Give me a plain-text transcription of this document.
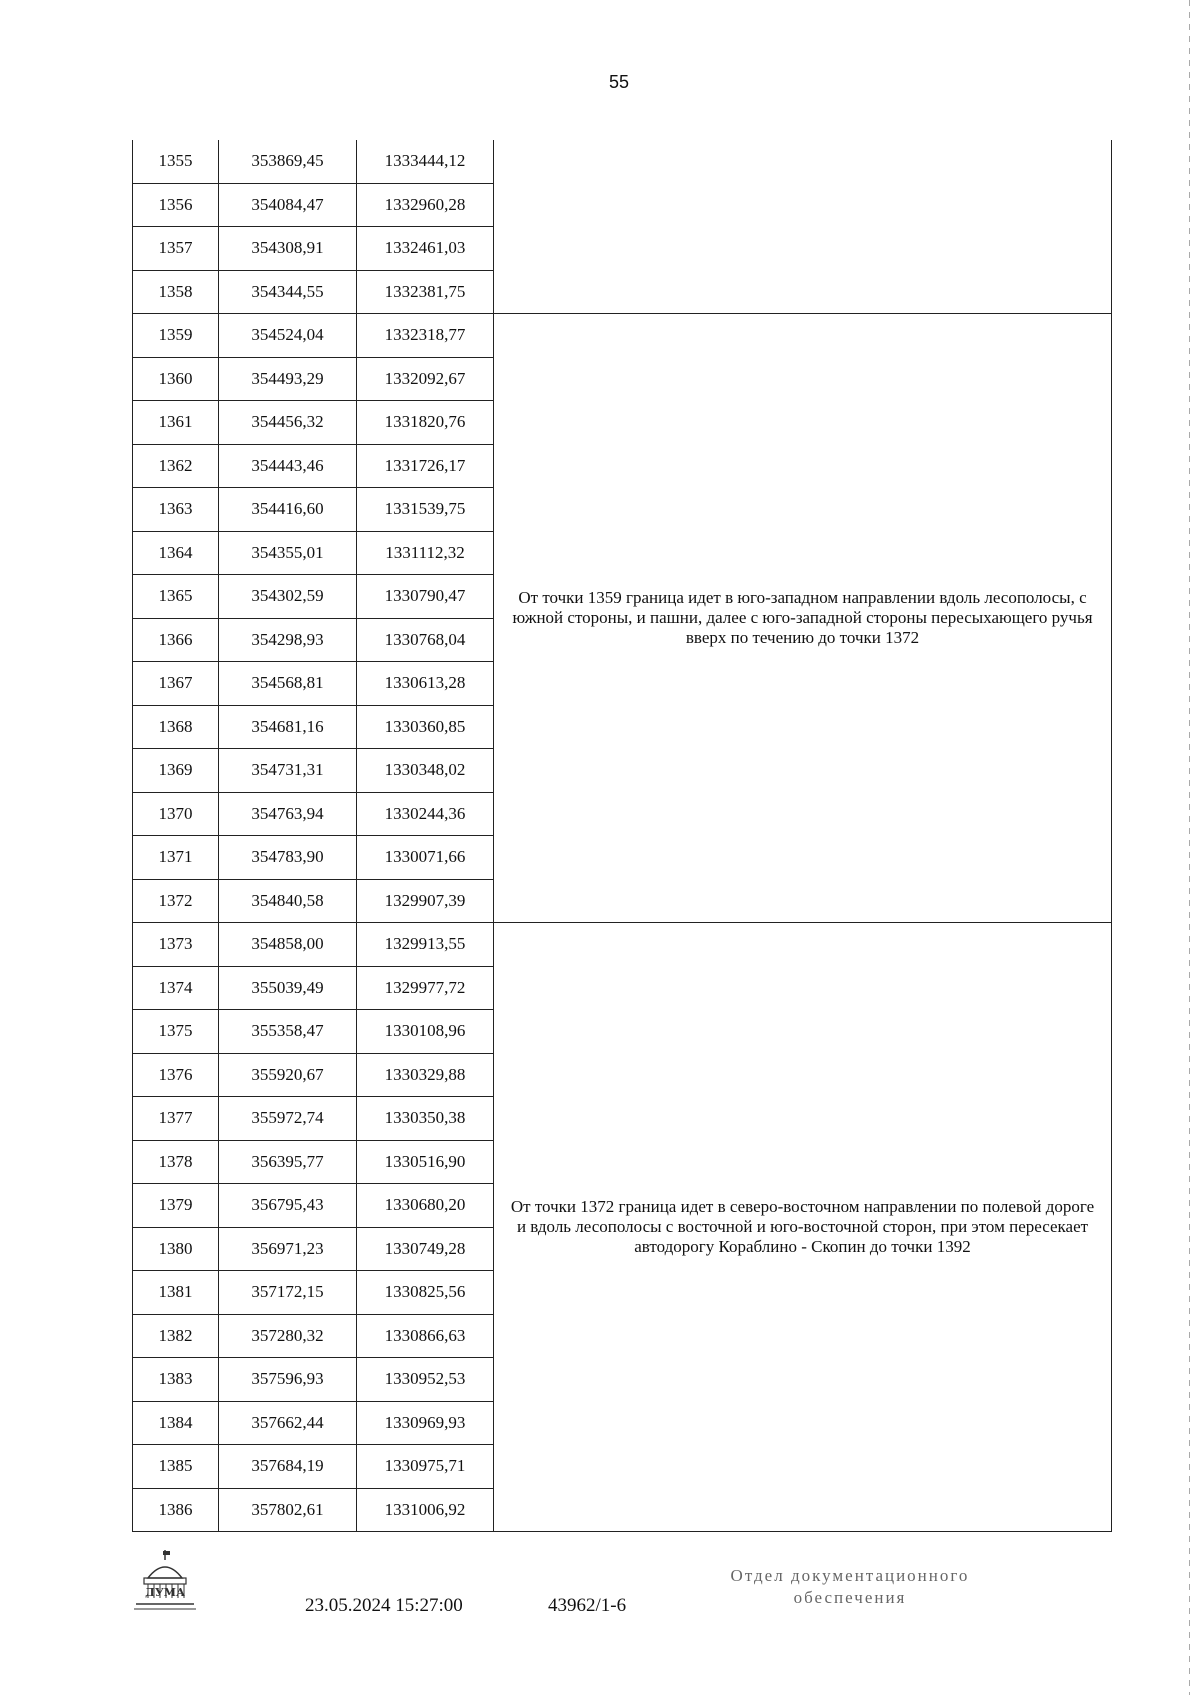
55
1355	353869,45	1333444,12	
1356	354084,47	1332960,28	
1357	354308,91	1332461,03	
1358	354344,55	1332381,75	
1359	354524,04	1332318,77	От точки 1359 граница идет в юго-западном направлении вдоль лесополосы, с южной стороны, и пашни, далее с юго-западной стороны пересыхающего ручья вверх по течению до точки 1372
1360	354493,29	1332092,67	
1361	354456,32	1331820,76	
1362	354443,46	1331726,17	
1363	354416,60	1331539,75	
1364	354355,01	1331112,32	
1365	354302,59	1330790,47	
1366	354298,93	1330768,04	
1367	354568,81	1330613,28	
1368	354681,16	1330360,85	
1369	354731,31	1330348,02	
1370	354763,94	1330244,36	
1371	354783,90	1330071,66	
1372	354840,58	1329907,39	
1373	354858,00	1329913,55	От точки 1372 граница идет в северо-восточном направлении по полевой дороге и вдоль лесополосы с восточной и юго-восточной сторон, при этом пересекает автодорогу Кораблино - Скопин до точки 1392
1374	355039,49	1329977,72	
1375	355358,47	1330108,96	
1376	355920,67	1330329,88	
1377	355972,74	1330350,38	
1378	356395,77	1330516,90	
1379	356795,43	1330680,20	
1380	356971,23	1330749,28	
1381	357172,15	1330825,56	
1382	357280,32	1330866,63	
1383	357596,93	1330952,53	
1384	357662,44	1330969,93	
1385	357684,19	1330975,71	
1386	357802,61	1331006,92	
ДУМА
23.05.2024 15:27:00	43962/1-6
Отдел документационного
обеспечения
